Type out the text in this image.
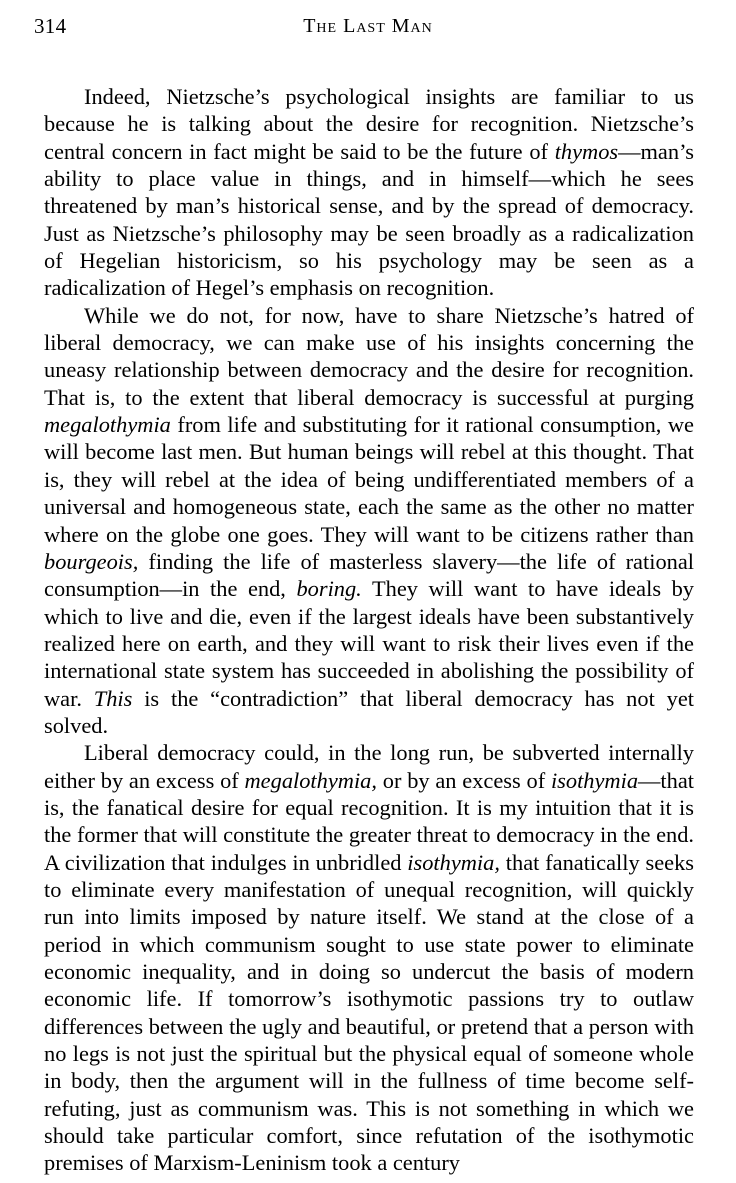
314	The Last Man

Indeed, Nietzsche’s psychological insights are familiar to us because he is talking about the desire for recognition. Nietzsche’s central concern in fact might be said to be the future of thymos—man’s ability to place value in things, and in himself—which he sees threatened by man’s historical sense, and by the spread of democracy. Just as Nietzsche’s philosophy may be seen broadly as a radicalization of Hegelian historicism, so his psychology may be seen as a radicalization of Hegel’s emphasis on recognition.

While we do not, for now, have to share Nietzsche’s hatred of liberal democracy, we can make use of his insights concerning the uneasy relationship between democracy and the desire for recognition. That is, to the extent that liberal democracy is successful at purging megalothymia from life and substituting for it rational consumption, we will become last men. But human beings will rebel at this thought. That is, they will rebel at the idea of being undifferentiated members of a universal and homogeneous state, each the same as the other no matter where on the globe one goes. They will want to be citizens rather than bourgeois, finding the life of masterless slavery—the life of rational consumption—in the end, boring. They will want to have ideals by which to live and die, even if the largest ideals have been substantively realized here on earth, and they will want to risk their lives even if the international state system has succeeded in abolishing the possibility of war. This is the “contradiction” that liberal democracy has not yet solved.

Liberal democracy could, in the long run, be subverted internally either by an excess of megalothymia, or by an excess of isothymia—that is, the fanatical desire for equal recognition. It is my intuition that it is the former that will constitute the greater threat to democracy in the end. A civilization that indulges in unbridled isothymia, that fanatically seeks to eliminate every manifestation of unequal recognition, will quickly run into limits imposed by nature itself. We stand at the close of a period in which communism sought to use state power to eliminate economic inequality, and in doing so undercut the basis of modern economic life. If tomorrow’s isothymotic passions try to outlaw differences between the ugly and beautiful, or pretend that a person with no legs is not just the spiritual but the physical equal of someone whole in body, then the argument will in the fullness of time become self-refuting, just as communism was. This is not something in which we should take particular comfort, since refutation of the isothymotic premises of Marxism-Leninism took a century
